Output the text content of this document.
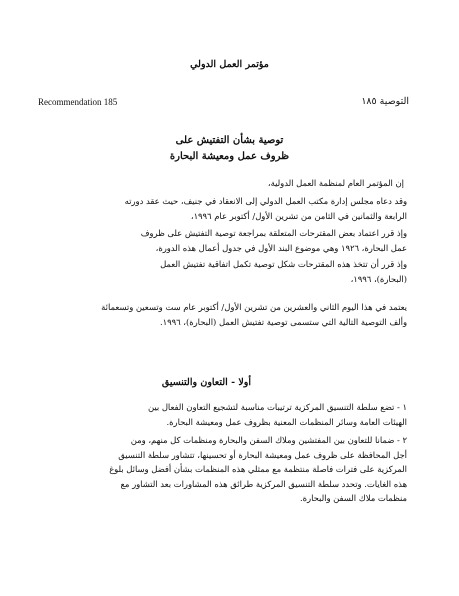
مؤتمر العمل الدولي
Recommendation 185	التوصية ١٨٥
توصية بشأن التفتيش على
ظروف عمل ومعيشة البحارة
إن المؤتمر العام لمنظمة العمل الدولية،
وقد دعاه مجلس إدارة مكتب العمل الدولي إلى الانعقاد في جنيف، حيث عقد دورته
الرابعة والثمانين في الثامن من تشرين الأول/ أكتوبر عام ١٩٩٦،
وإذ قرر اعتماد بعض المقترحات المتعلقة بمراجعة توصية التفتيش على ظروف
عمل البحارة، ١٩٢٦ وهي موضوع البند الأول في جدول أعمال هذه الدورة،
وإذ قرر أن تتخذ هذه المقترحات شكل توصية تكمل اتفاقية تفتيش العمل
(البحارة)، ١٩٩٦،
يعتمد في هذا اليوم الثاني والعشرين من تشرين الأول/ أكتوبر عام ست وتسعين وتسعمائة
وألف التوصية التالية التي ستسمى توصية تفتيش العمل (البحارة)، ١٩٩٦.
أولا - التعاون والتنسيق
١ - تضع سلطة التنسيق المركزية ترتيبات مناسبة لتشجيع التعاون الفعال بين
الهيئات العامة وسائر المنظمات المعنية بظروف عمل ومعيشة البحارة.
٢ - ضمانا للتعاون بين المفتشين وملاك السفن والبحارة ومنظمات كل منهم، ومن
أجل المحافظة على ظروف عمل ومعيشة البحارة أو تحسينها، تتشاور سلطة التنسيق
المركزية على فترات فاصلة منتظمة مع ممثلي هذه المنظمات بشأن أفضل وسائل بلوغ
هذه الغايات. وتحدد سلطة التنسيق المركزية طرائق هذه المشاورات بعد التشاور مع
منظمات ملاك السفن والبحارة.
